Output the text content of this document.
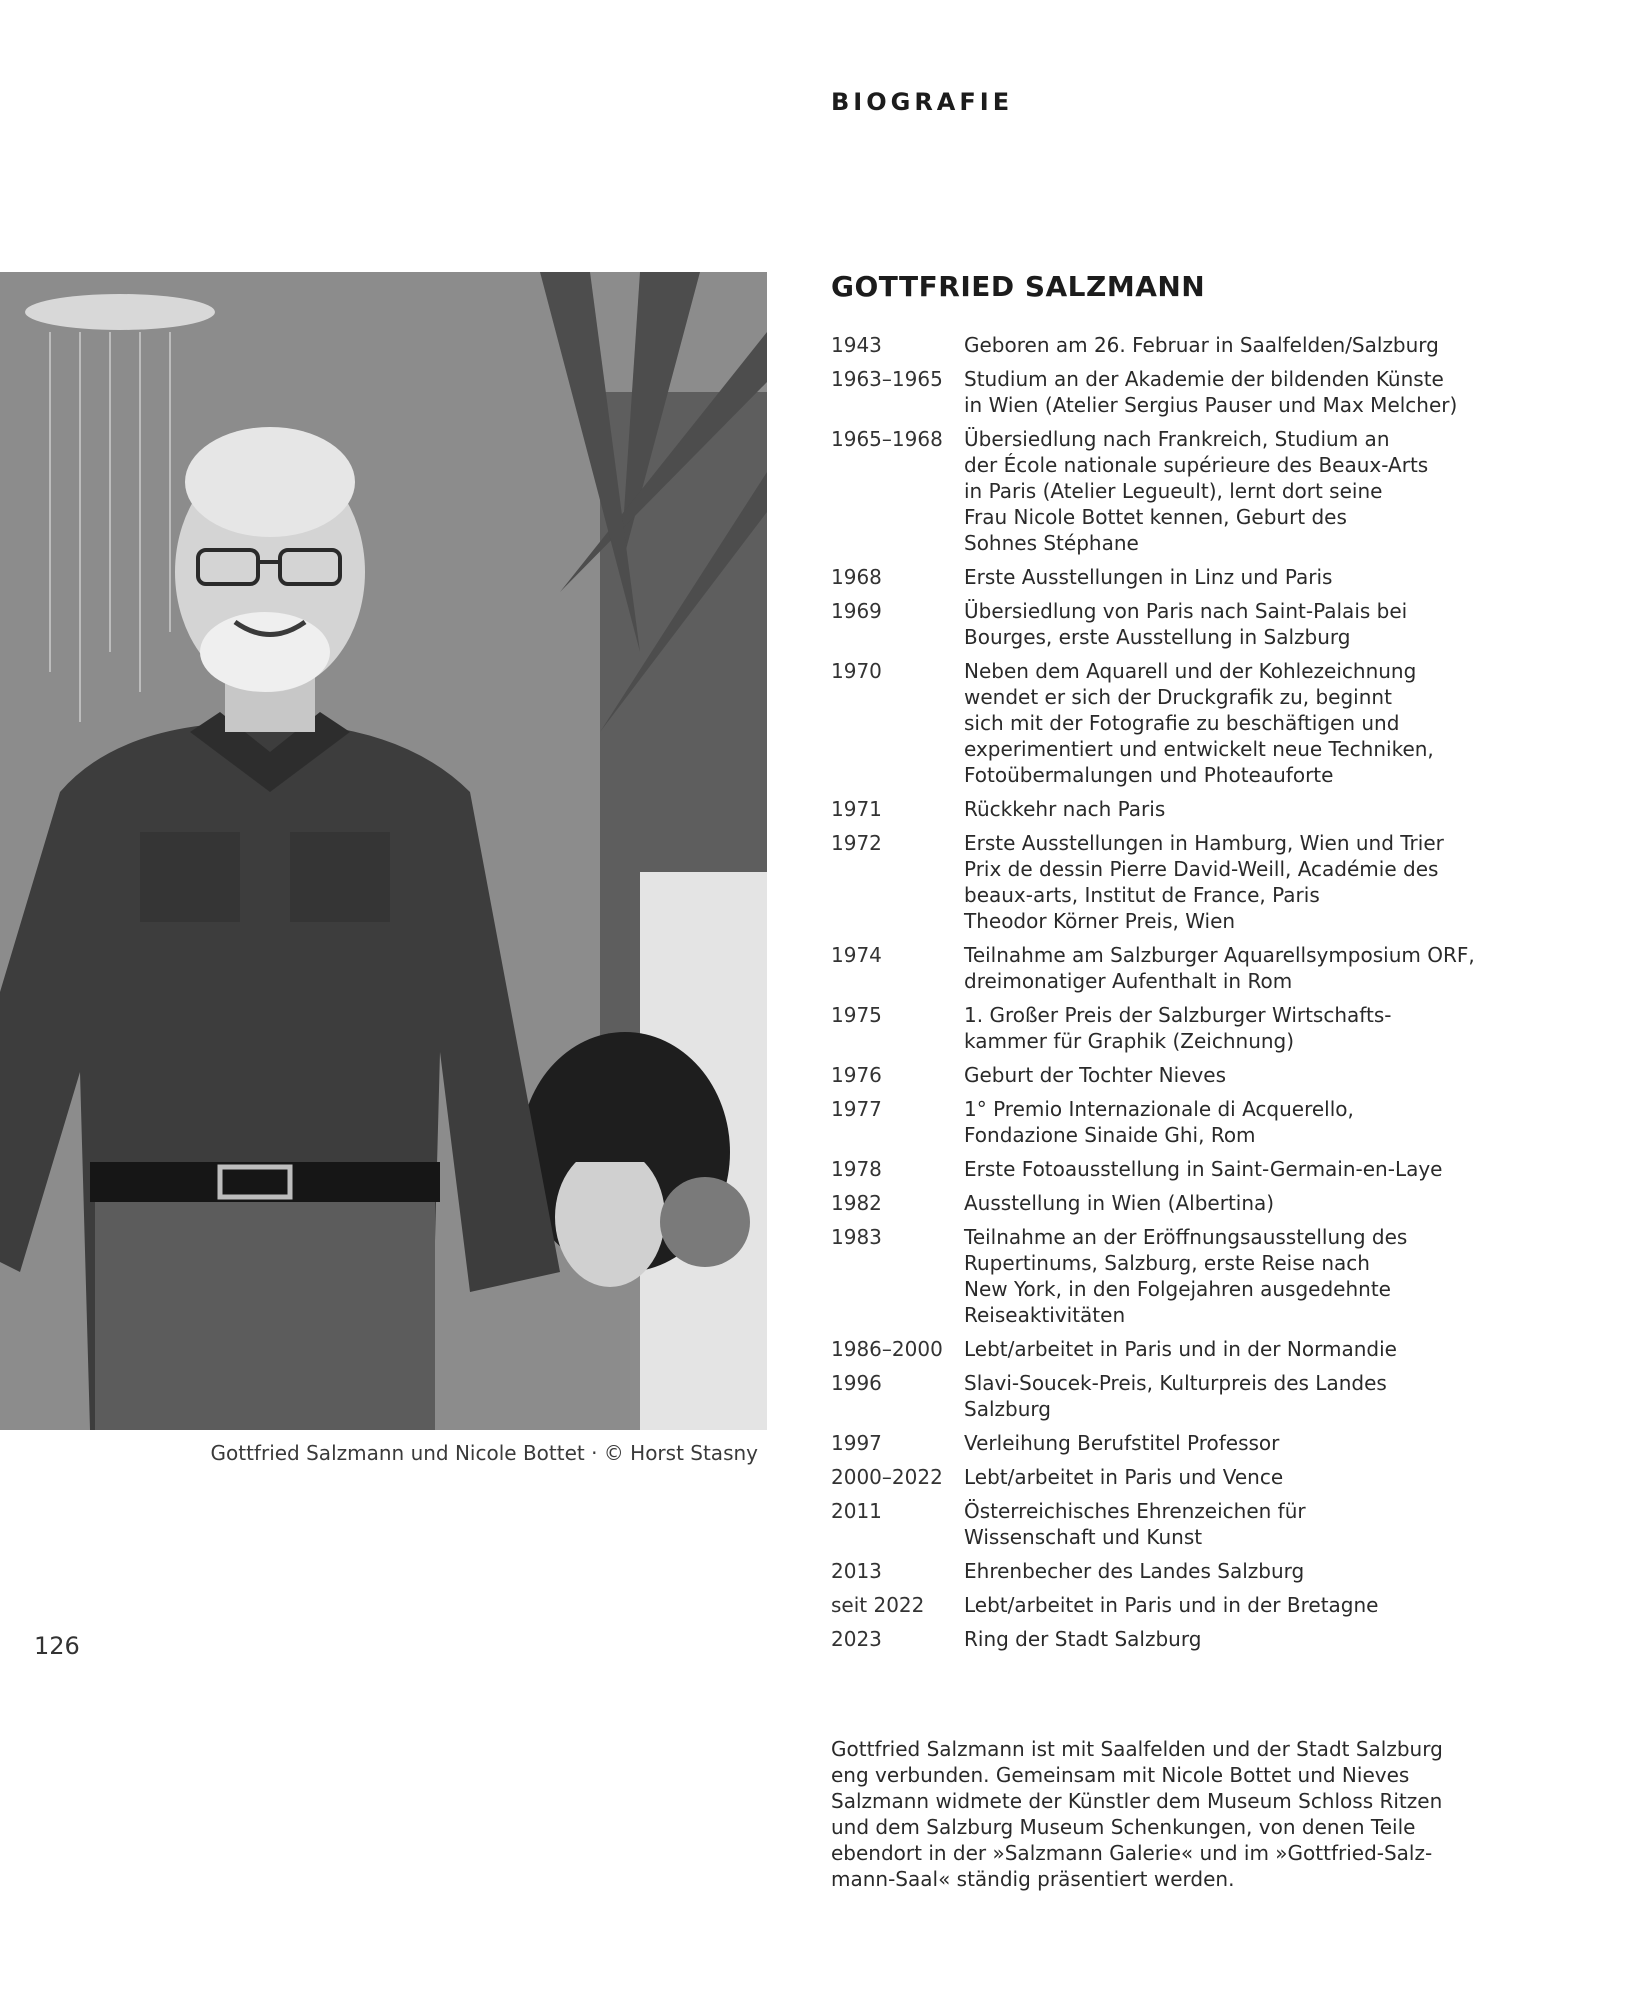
BIOGRAFIE
Gottfried Salzmann und Nicole Bottet · © Horst Stasny
126
GOTTFRIED SALZMANN
1943	Geboren am 26. Februar in Saalfelden/Salzburg
1963–1965	Studium an der Akademie der bildenden Künste
in Wien (Atelier Sergius Pauser und Max Melcher)
1965–1968	Übersiedlung nach Frankreich, Studium an
der École nationale supérieure des Beaux-Arts
in Paris (Atelier Legueult), lernt dort seine
Frau Nicole Bottet kennen, Geburt des
Sohnes Stéphane
1968	Erste Ausstellungen in Linz und Paris
1969	Übersiedlung von Paris nach Saint-Palais bei
Bourges, erste Ausstellung in Salzburg
1970	Neben dem Aquarell und der Kohlezeichnung
wendet er sich der Druckgrafik zu, beginnt
sich mit der Fotografie zu beschäftigen und
experimentiert und entwickelt neue Techniken,
Fotoübermalungen und Photeauforte
1971	Rückkehr nach Paris
1972	Erste Ausstellungen in Hamburg, Wien und Trier
Prix de dessin Pierre David-Weill, Académie des
beaux-arts, Institut de France, Paris
Theodor Körner Preis, Wien
1974	Teilnahme am Salzburger Aquarellsymposium ORF,
dreimonatiger Aufenthalt in Rom
1975	1. Großer Preis der Salzburger Wirtschafts-
kammer für Graphik (Zeichnung)
1976	Geburt der Tochter Nieves
1977	1° Premio Internazionale di Acquerello,
Fondazione Sinaide Ghi, Rom
1978	Erste Fotoausstellung in Saint-Germain-en-Laye
1982	Ausstellung in Wien (Albertina)
1983	Teilnahme an der Eröffnungsausstellung des
Rupertinums, Salzburg, erste Reise nach
New York, in den Folgejahren ausgedehnte
Reiseaktivitäten
1986–2000	Lebt/arbeitet in Paris und in der Normandie
1996	Slavi-Soucek-Preis, Kulturpreis des Landes
Salzburg
1997	Verleihung Berufstitel Professor
2000–2022	Lebt/arbeitet in Paris und Vence
2011	Österreichisches Ehrenzeichen für
Wissenschaft und Kunst
2013	Ehrenbecher des Landes Salzburg
seit 2022	Lebt/arbeitet in Paris und in der Bretagne
2023	Ring der Stadt Salzburg
Gottfried Salzmann ist mit Saalfelden und der Stadt Salzburg
eng verbunden. Gemeinsam mit Nicole Bottet und Nieves
Salzmann widmete der Künstler dem Museum Schloss Ritzen
und dem Salzburg Museum Schenkungen, von denen Teile
ebendort in der »Salzmann Galerie« und im »Gottfried-Salz-
mann-Saal« ständig präsentiert werden.
